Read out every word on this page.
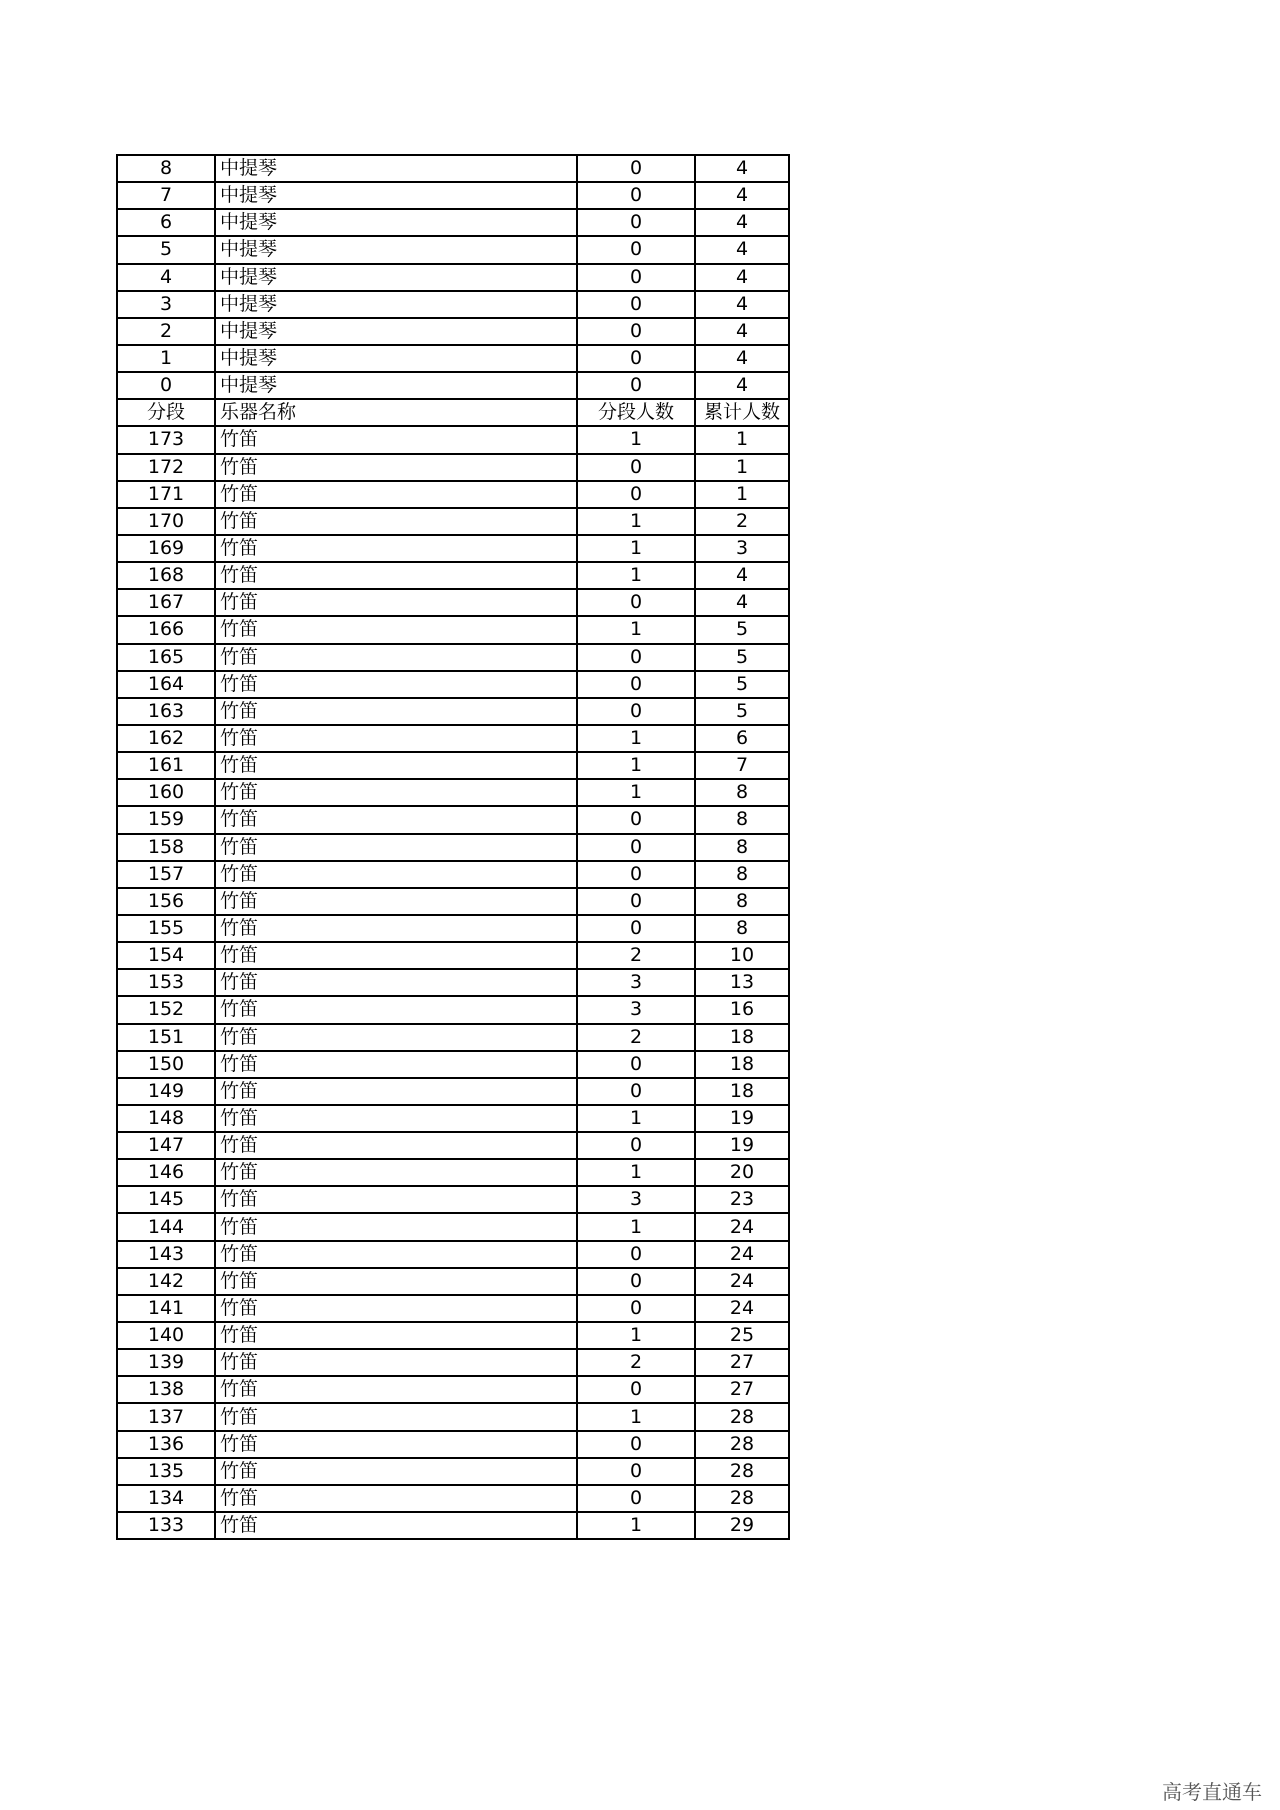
8	中提琴	0	4
7	中提琴	0	4
6	中提琴	0	4
5	中提琴	0	4
4	中提琴	0	4
3	中提琴	0	4
2	中提琴	0	4
1	中提琴	0	4
0	中提琴	0	4
分段	乐器名称	分段人数	累计人数
173	竹笛	1	1
172	竹笛	0	1
171	竹笛	0	1
170	竹笛	1	2
169	竹笛	1	3
168	竹笛	1	4
167	竹笛	0	4
166	竹笛	1	5
165	竹笛	0	5
164	竹笛	0	5
163	竹笛	0	5
162	竹笛	1	6
161	竹笛	1	7
160	竹笛	1	8
159	竹笛	0	8
158	竹笛	0	8
157	竹笛	0	8
156	竹笛	0	8
155	竹笛	0	8
154	竹笛	2	10
153	竹笛	3	13
152	竹笛	3	16
151	竹笛	2	18
150	竹笛	0	18
149	竹笛	0	18
148	竹笛	1	19
147	竹笛	0	19
146	竹笛	1	20
145	竹笛	3	23
144	竹笛	1	24
143	竹笛	0	24
142	竹笛	0	24
141	竹笛	0	24
140	竹笛	1	25
139	竹笛	2	27
138	竹笛	0	27
137	竹笛	1	28
136	竹笛	0	28
135	竹笛	0	28
134	竹笛	0	28
133	竹笛	1	29
高考直通车
